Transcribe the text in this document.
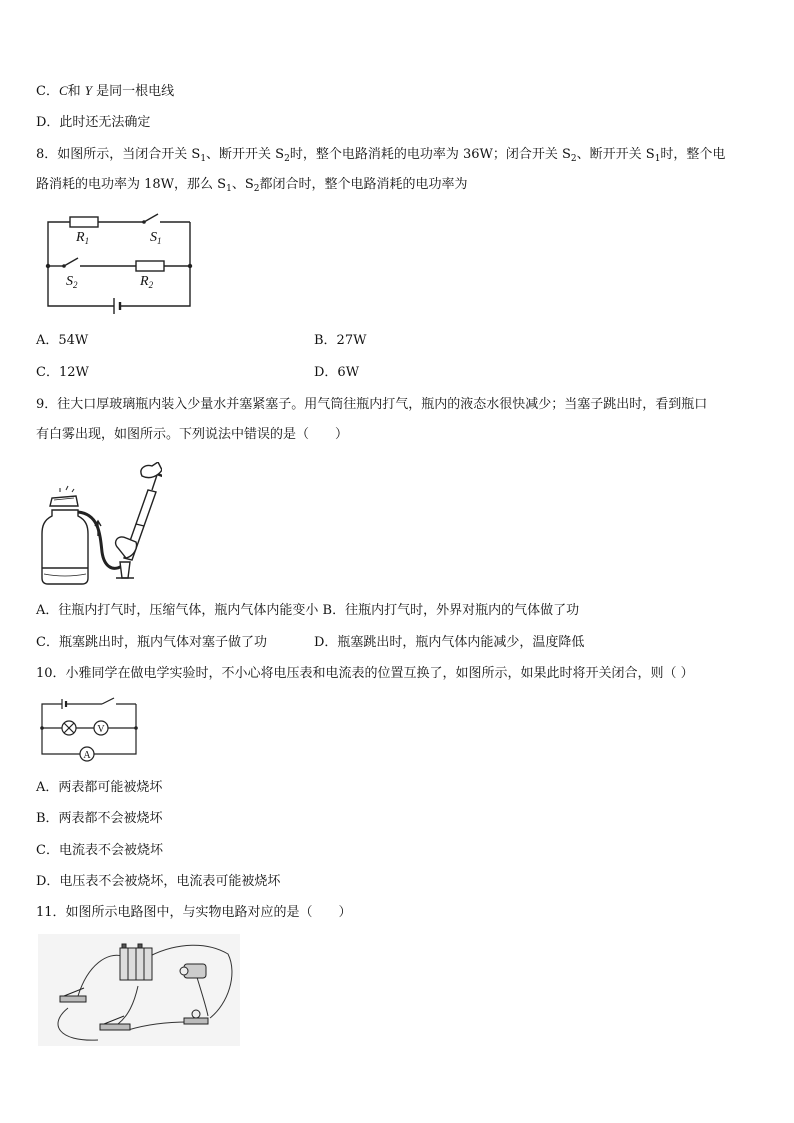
C．C和 Y 是同一根电线
D．此时还无法确定
8．如图所示，当闭合开关 $S_1$、断开开关 $S_2$时，整个电路消耗的电功率为 36W；闭合开关 $S_2$、断开开关 $S_1$时，整个电
路消耗的电功率为 18W，那么 $S_1$、$S_2$都闭合时，整个电路消耗的电功率为
$R_1$	$S_1$
$S_2$	$R_2$
A．54W	B．27W
C．12W	D．6W
9．往大口厚玻璃瓶内装入少量水并塞紧塞子。用气筒往瓶内打气，瓶内的液态水很快减少；当塞子跳出时，看到瓶口
有白雾出现，如图所示。下列说法中错误的是（　　）
A．往瓶内打气时，压缩气体，瓶内气体内能变小 B．往瓶内打气时，外界对瓶内的气体做了功
C．瓶塞跳出时，瓶内气体对塞子做了功	D．瓶塞跳出时，瓶内气体内能减少，温度降低
10．小雅同学在做电学实验时，不小心将电压表和电流表的位置互换了，如图所示，如果此时将开关闭合，则（ ）
V
A
A．两表都可能被烧坏
B．两表都不会被烧坏
C．电流表不会被烧坏
D．电压表不会被烧坏，电流表可能被烧坏
11．如图所示电路图中，与实物电路对应的是（　　）
